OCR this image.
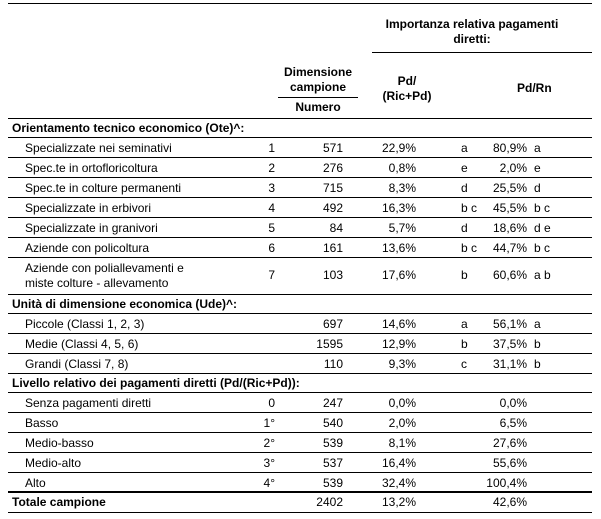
Importanza relativa pagamenti diretti:
Dimensione campione
Numero
Pd/ (Ric+Pd)
Pd/Rn
Orientamento tecnico economico (Ote)^:
Specializzate nei seminativi	1	571	22,9%	a	80,9% a
Spec.te in ortofloricoltura	2	276	0,8%	e	2,0% e
Spec.te in colture permanenti	3	715	8,3%	d	25,5% d
Specializzate in erbivori	4	492	16,3%	b c	45,5% b c
Specializzate in granivori	5	84	5,7%	d	18,6% d e
Aziende con policoltura	6	161	13,6%	b c	44,7% b c
Aziende con poliallevamenti e
miste colture - allevamento
7	103	17,6%	b	60,6% a b
Unità di dimensione economica (Ude)^:
Piccole (Classi 1, 2, 3)	697	14,6%	a	56,1% a
Medie (Classi 4, 5, 6)	1595	12,9%	b	37,5% b
Grandi (Classi 7, 8)	110	9,3%	c	31,1% b
Livello relativo dei pagamenti diretti (Pd/(Ric+Pd)):
Senza pagamenti diretti	0	247	0,0%	0,0%
Basso	1°	540	2,0%	6,5%
Medio-basso	2°	539	8,1%	27,6%
Medio-alto	3°	537	16,4%	55,6%
Alto	4°	539	32,4%	100,4%
Totale campione	2402	13,2%	42,6%
